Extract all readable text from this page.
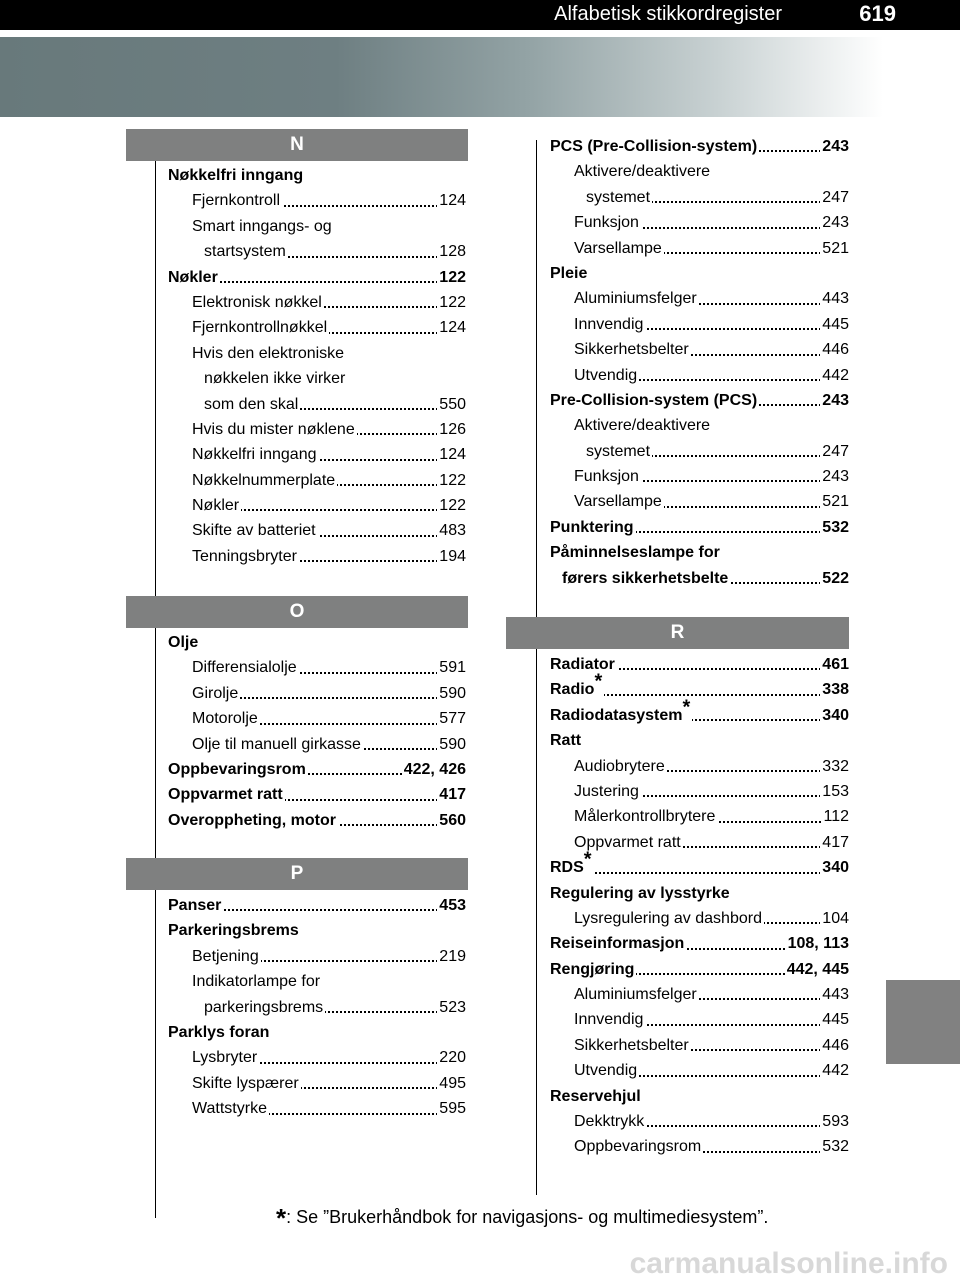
Alfabetisk stikkordregister	619
N
Nøkkelfri inngang
Fjernkontroll	124
Smart inngangs- og
startsystem	128
Nøkler	122
Elektronisk nøkkel	122
Fjernkontrollnøkkel	124
Hvis den elektroniske
nøkkelen ikke virker
som den skal	550
Hvis du mister nøklene	126
Nøkkelfri inngang	124
Nøkkelnummerplate	122
Nøkler	122
Skifte av batteriet	483
Tenningsbryter	194
O
Olje
Differensialolje	591
Girolje	590
Motorolje	577
Olje til manuell girkasse	590
Oppbevaringsrom	422, 426
Oppvarmet ratt	417
Overoppheting, motor	560
P
Panser	453
Parkeringsbrems
Betjening	219
Indikatorlampe for
parkeringsbrems	523
Parklys foran
Lysbryter	220
Skifte lyspærer	495
Wattstyrke	595
PCS (Pre-Collision-system)	243
Aktivere/deaktivere
systemet	247
Funksjon	243
Varsellampe	521
Pleie
Aluminiumsfelger	443
Innvendig	445
Sikkerhetsbelter	446
Utvendig	442
Pre-Collision-system (PCS)	243
Aktivere/deaktivere
systemet	247
Funksjon	243
Varsellampe	521
Punktering	532
Påminnelseslampe for
førers sikkerhetsbelte	522
R
Radiator	461
Radio*	338
Radiodatasystem*	340
Ratt
Audiobrytere	332
Justering	153
Målerkontrollbrytere	112
Oppvarmet ratt	417
RDS*	340
Regulering av lysstyrke
Lysregulering av dashbord	104
Reiseinformasjon	108, 113
Rengjøring	442, 445
Aluminiumsfelger	443
Innvendig	445
Sikkerhetsbelter	446
Utvendig	442
Reservehjul
Dekktrykk	593
Oppbevaringsrom	532
*: Se ”Brukerhåndbok for navigasjons- og multimediesystem”.
carmanualsonline.info
